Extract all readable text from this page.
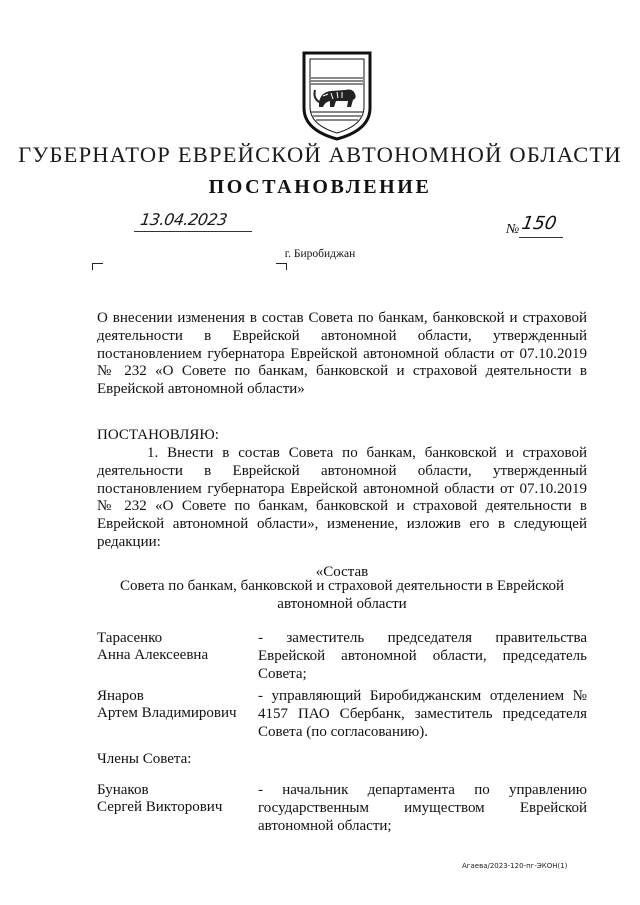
ГУБЕРНАТОР ЕВРЕЙСКОЙ АВТОНОМНОЙ ОБЛАСТИ
ПОСТАНОВЛЕНИЕ
13.04.2023
№ 150
г. Биробиджан
О внесении изменения в состав Совета по банкам, банковской и страховой деятельности в Еврейской автономной области, утвержденный постановлением губернатора Еврейской автономной области от 07.10.2019 № 232 «О Совете по банкам, банковской и страховой деятельности в Еврейской автономной области»
ПОСТАНОВЛЯЮ:
1. Внести в состав Совета по банкам, банковской и страховой деятельности в Еврейской автономной области, утвержденный постановлением губернатора Еврейской автономной области от 07.10.2019 № 232 «О Совете по банкам, банковской и страховой деятельности в Еврейской автономной области», изменение, изложив его в следующей редакции:
«Состав
Совета по банкам, банковской и страховой деятельности в Еврейской автономной области
Тарасенко
Анна Алексеевна
- заместитель председателя правительства Еврейской автономной области, председатель Совета;
Янаров
Артем Владимирович
- управляющий Биробиджанским отделением № 4157 ПАО Сбербанк, заместитель председателя Совета (по согласованию).
Члены Совета:
Бунаков
Сергей Викторович
- начальник департамента по управлению государственным имуществом Еврейской автономной области;
Агаева/2023-120-пг-ЭКОН(1)
